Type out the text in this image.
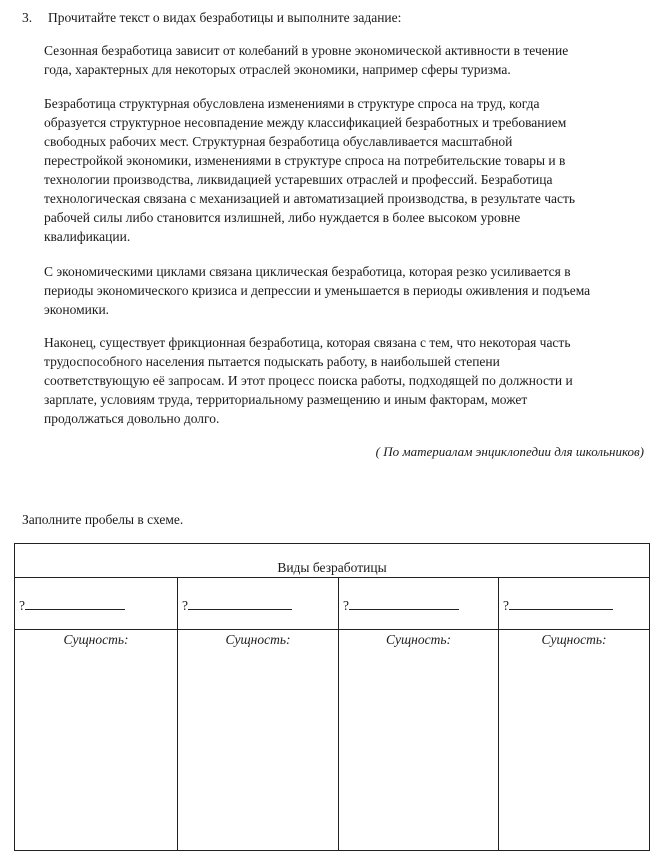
3. Прочитайте текст о видах безработицы и выполните задание:

Сезонная безработица зависит от колебаний в уровне экономической активности в течение
года, характерных для некоторых отраслей экономики, например сферы туризма.

Безработица структурная обусловлена изменениями в структуре спроса на труд, когда
образуется структурное несовпадение между классификацией безработных и требованием
свободных рабочих мест. Структурная безработица обуславливается масштабной
перестройкой экономики, изменениями в структуре спроса на потребительские товары и в
технологии производства, ликвидацией устаревших отраслей и профессий. Безработица
технологическая связана с механизацией и автоматизацией производства, в результате часть
рабочей силы либо становится излишней, либо нуждается в более высоком уровне
квалификации.

С экономическими циклами связана циклическая безработица, которая резко усиливается в
периоды экономического кризиса и депрессии и уменьшается в периоды оживления и подъема
экономики.

Наконец, существует фрикционная безработица, которая связана с тем, что некоторая часть
трудоспособного населения пытается подыскать работу, в наибольшей степени
соответствующую её запросам. И этот процесс поиска работы, подходящей по должности и
зарплате, условиям труда, территориальному размещению и иным факторам, может
продолжаться довольно долго.

( По материалам энциклопедии для школьников)
Заполните пробелы в схеме.
Виды безработицы
?
Сущность:
?
Сущность:
?
Сущность:
?
Сущность:
